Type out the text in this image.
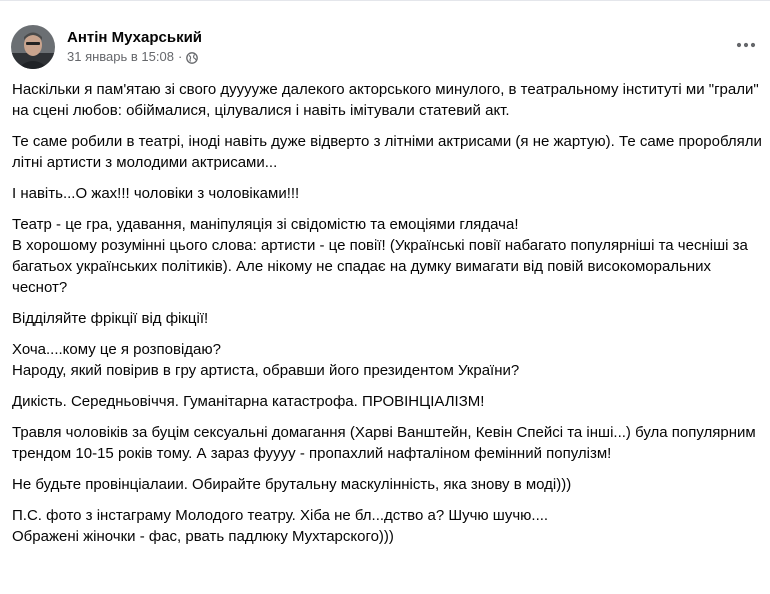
Антін Мухарський
31 январь в 15:08 ·

Наскільки я пам'ятаю зі свого дууууже далекого акторського минулого, в театральному інституті ми "грали" на сцені любов: обіймалися, цілувалися і навіть імітували статевий акт.

Те саме робили в театрі, іноді навіть дуже відверто з літніми актрисами (я не жартую). Те саме проробляли літні артисти з молодими актрисами...

І навіть...О жах!!! чоловіки з чоловіками!!!

Театр - це гра, удавання, маніпуляція зі свідомістю та емоціями глядача!
В хорошому розумінні цього слова: артисти - це повії! (Українські повії набагато популярніші та чесніші за багатьох українських політиків). Але нікому не спадає на думку вимагати від повій високоморальних чеснот?

Відділяйте фрікції від фікції!

Хоча....кому це я розповідаю?
Народу, який повірив в гру артиста, обравши його президентом України?

Дикість. Середньовіччя. Гуманітарна катастрофа. ПРОВІНЦІАЛІЗМ!

Травля чоловіків за буцім сексуальні домагання (Харві Ванштейн, Кевін Спейсі та інші...) була популярним трендом 10-15 років тому. А зараз фуууу - пропахлий нафталіном фемінний популізм!

Не будьте провінціалаии. Обирайте брутальну маскулінність, яка знову в моді)))

П.С. фото з інстаграму Молодого театру. Хіба не бл...дство а? Шучю шучю....
Ображені жіночки - фас, рвать падлюку Мухтарского)))
